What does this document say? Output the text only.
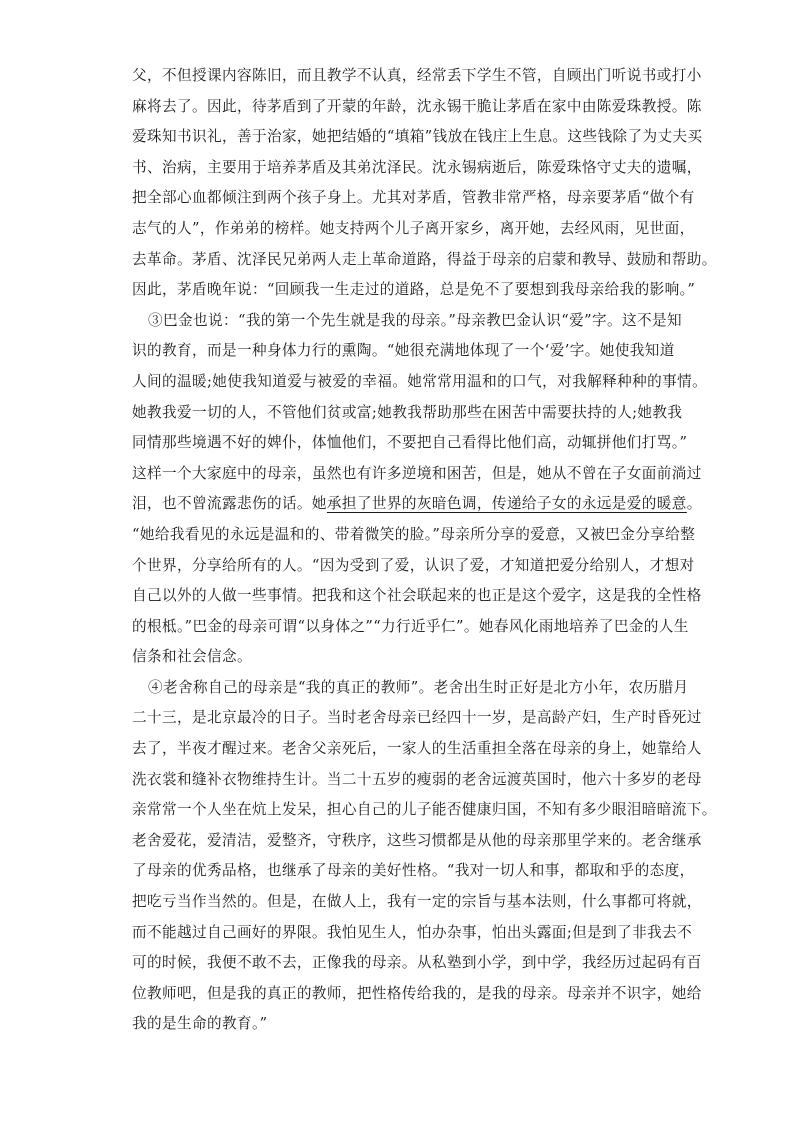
父，不但授课内容陈旧，而且教学不认真，经常丢下学生不管，自顾出门听说书或打小
麻将去了。因此，待茅盾到了开蒙的年龄，沈永锡干脆让茅盾在家中由陈爱珠教授。陈
爱珠知书识礼，善于治家，她把结婚的“填箱”钱放在钱庄上生息。这些钱除了为丈夫买
书、治病，主要用于培养茅盾及其弟沈泽民。沈永锡病逝后，陈爱珠恪守丈夫的遗嘱，
把全部心血都倾注到两个孩子身上。尤其对茅盾，管教非常严格，母亲要茅盾“做个有
志气的人”，作弟弟的榜样。她支持两个儿子离开家乡，离开她，去经风雨，见世面，
去革命。茅盾、沈泽民兄弟两人走上革命道路，得益于母亲的启蒙和教导、鼓励和帮助。
因此，茅盾晚年说：“回顾我一生走过的道路，总是免不了要想到我母亲给我的影响。”
③巴金也说：“我的第一个先生就是我的母亲。”母亲教巴金认识“爱”字。这不是知
识的教育，而是一种身体力行的熏陶。“她很充满地体现了一个‘爱’字。她使我知道
人间的温暖;她使我知道爱与被爱的幸福。她常常用温和的口气，对我解释种种的事情。
她教我爱一切的人，不管他们贫或富;她教我帮助那些在困苦中需要扶持的人;她教我
同情那些境遇不好的婢仆，体恤他们，不要把自己看得比他们高，动辄拼他们打骂。”
这样一个大家庭中的母亲，虽然也有许多逆境和困苦，但是，她从不曾在子女面前淌过
泪，也不曾流露悲伤的话。她承担了世界的灰暗色调，传递给子女的永远是爱的暖意。
“她给我看见的永远是温和的、带着微笑的脸。”母亲所分享的爱意，又被巴金分享给整
个世界，分享给所有的人。“因为受到了爱，认识了爱，才知道把爱分给别人，才想对
自己以外的人做一些事情。把我和这个社会联起来的也正是这个爱字，这是我的全性格
的根柢。”巴金的母亲可谓“以身体之”“力行近乎仁”。她春风化雨地培养了巴金的人生
信条和社会信念。
④老舍称自己的母亲是“我的真正的教师”。老舍出生时正好是北方小年，农历腊月
二十三，是北京最冷的日子。当时老舍母亲已经四十一岁，是高龄产妇，生产时昏死过
去了，半夜才醒过来。老舍父亲死后，一家人的生活重担全落在母亲的身上，她靠给人
洗衣裳和缝补衣物维持生计。当二十五岁的瘦弱的老舍远渡英国时，他六十多岁的老母
亲常常一个人坐在炕上发呆，担心自己的儿子能否健康归国，不知有多少眼泪暗暗流下。
老舍爱花，爱清洁，爱整齐，守秩序，这些习惯都是从他的母亲那里学来的。老舍继承
了母亲的优秀品格，也继承了母亲的美好性格。“我对一切人和事，都取和乎的态度，
把吃亏当作当然的。但是，在做人上，我有一定的宗旨与基本法则，什么事都可将就，
而不能越过自己画好的界限。我怕见生人，怕办杂事，怕出头露面;但是到了非我去不
可的时候，我便不敢不去，正像我的母亲。从私塾到小学，到中学，我经历过起码有百
位教师吧，但是我的真正的教师，把性格传给我的，是我的母亲。母亲并不识字，她给
我的是生命的教育。”
